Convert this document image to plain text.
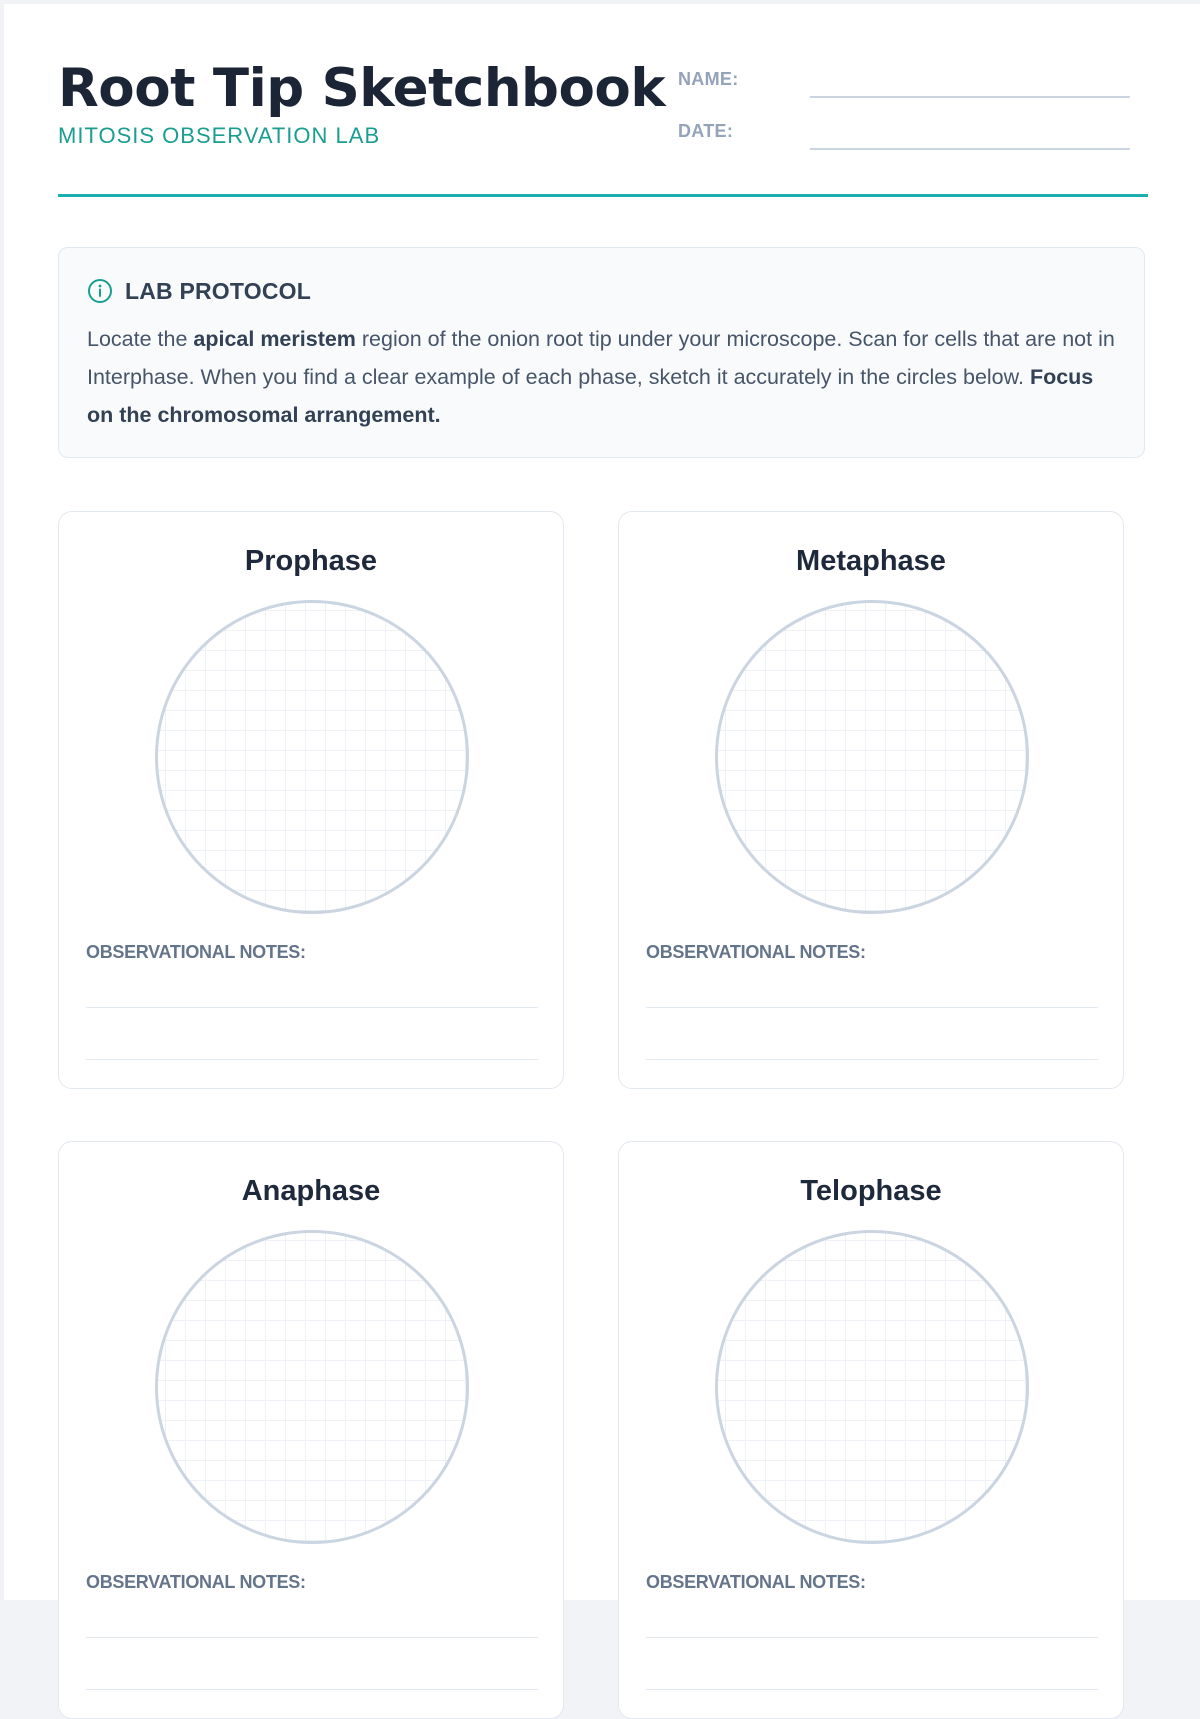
Root Tip Sketchbook
MITOSIS OBSERVATION LAB
NAME:
DATE:
LAB PROTOCOL
Locate the apical meristem region of the onion root tip under your microscope. Scan for cells that are not in Interphase. When you find a clear example of each phase, sketch it accurately in the circles below. Focus on the chromosomal arrangement.
Prophase
OBSERVATIONAL NOTES:
Metaphase
OBSERVATIONAL NOTES:
Anaphase
OBSERVATIONAL NOTES:
Telophase
OBSERVATIONAL NOTES:
